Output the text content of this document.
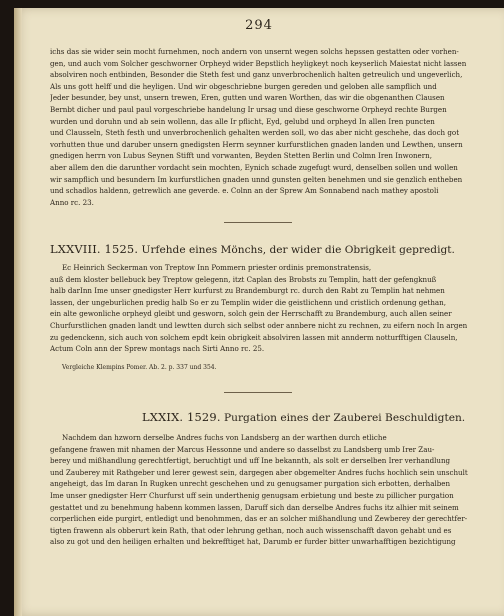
294
ichs das sie wider sein mocht furnehmen, noch andern von unsernt wegen solchs hepssen gestatten oder vorhen-
gen, und auch vom Solcher geschworner Orpheyd wider Bepstlich heyligkeyt noch keyserlich Maiestat nicht lassen
absolviren noch entbinden, Besonder die Steth fest und ganz unverbrochenlich halten getreulich und ungeverlich,
Als uns gott helff und die heyligen. Und wir obgeschriebne burgen gereden und geloben alle sampflich und
Jeder besunder, bey unst, unsern trewen, Eren, gutten und waren Worthen, das wir die obgenanthen Clausen
Bernbt dicher und paul paul vorgeschriebe handelung Ir ursag und diese geschworne Orpheyd rechte Burgen
wurden und doruhn und ab sein wollenn, das alle Ir pflicht, Eyd, gelubd und orpheyd In allen Iren puncten
und Clausseln, Steth festh und unverbrochenlich gehalten werden soll, wo das aber nicht geschehe, das doch got
vorhutten thue und daruber unsern gnedigsten Herrn seynner kurfurstlichen gnaden landen und Lewthen, unsern
gnedigen herrn von Lubus Seynen Stifft und vorwanten, Beyden Stetten Berlin und Colmn Iren Inwonern,
aber allem den die darunther vordacht sein mochten, Eynich schade zugefugt wurd, denselben sollen und wollen
wir sampflich und besundern Im kurfurstlichen gnaden unnd gunsten gelten benehmen und sie genzlich entheben
und schadlos haldenn, getrewlich ane geverde. e. Colnn an der Sprew Am Sonnabend nach mathey apostoli
Anno rc. 23.
LXXVIII. 1525. Urfehde eines Mönchs, der wider die Obrigkeit gepredigt.
Ec Heinrich Seckerman von Treptow Inn Pommern priester ordinis premonstratensis,
auß dem kloster bellebuck bey Treptow gelegenn, itzt Caplan des Brobsts zu Templin, hatt der gefengknuß
halb darInn Ime unser gnedigster Herr kurfurst zu Brandemburgt rc. durch den Rabt zu Templin hat nehmen
lassen, der ungeburlichen predig halb So er zu Templin wider die geistlichenn und cristlich ordenung gethan,
ein alte gewonliche orpheyd gleibt und gesworn, solch gein der Herrschafft zu Brandemburg, auch allen seiner
Churfurstlichen gnaden landt und lewtten durch sich selbst oder annbere nicht zu rechnen, zu eifern noch In argen
zu gedenckenn, sich auch von solchem epdt kein obrigkeit absolviren lassen mit annderm notturfftigen Clauseln,
Actum Coln ann der Sprew montags nach Sirti Anno rc. 25.
Vergleiche Klempins Pomer. Ab. 2. p. 337 und 354.
LXXIX. 1529. Purgation eines der Zauberei Beschuldigten.
Nachdem dan hzworn derselbe Andres fuchs von Landsberg an der warthen durch etliche
gefangene frawen mit nhamen der Marcus Hessonne und andere so dasselbst zu Landsberg umb Irer Zau-
berey und mißhandlung gerechtfertigt, beruchtigt und uff Ine bekannth, als solt er derselben Irer verhandlung
und Zauberey mit Rathgeber und lerer gewest sein, dargegen aber obgemelter Andres fuchs hochlich sein unschult
angeheigt, das Im daran In Rugken unrecht geschehen und zu genugsamer purgation sich erbotten, derhalben
Ime unser gnedigster Herr Churfurst uff sein underthenig genugsam erbietung und beste zu pillicher purgation
gestattet und zu benehmung habenn kommen lassen, Daruff sich dan derselbe Andres fuchs itz alhier mit seinem
corperlichen eide purgirt, entledigt und benohmmen, das er an solcher mißhandlung und Zewberey der gerechtfer-
tigten frawenn als obberurt kein Rath, that oder lehrung gethan, noch auch wissenschafft davon gehabt und es
also zu got und den heiligen erhalten und bekrefftiget hat, Darumb er furder bitter unwarhafftigen bezichtigung
